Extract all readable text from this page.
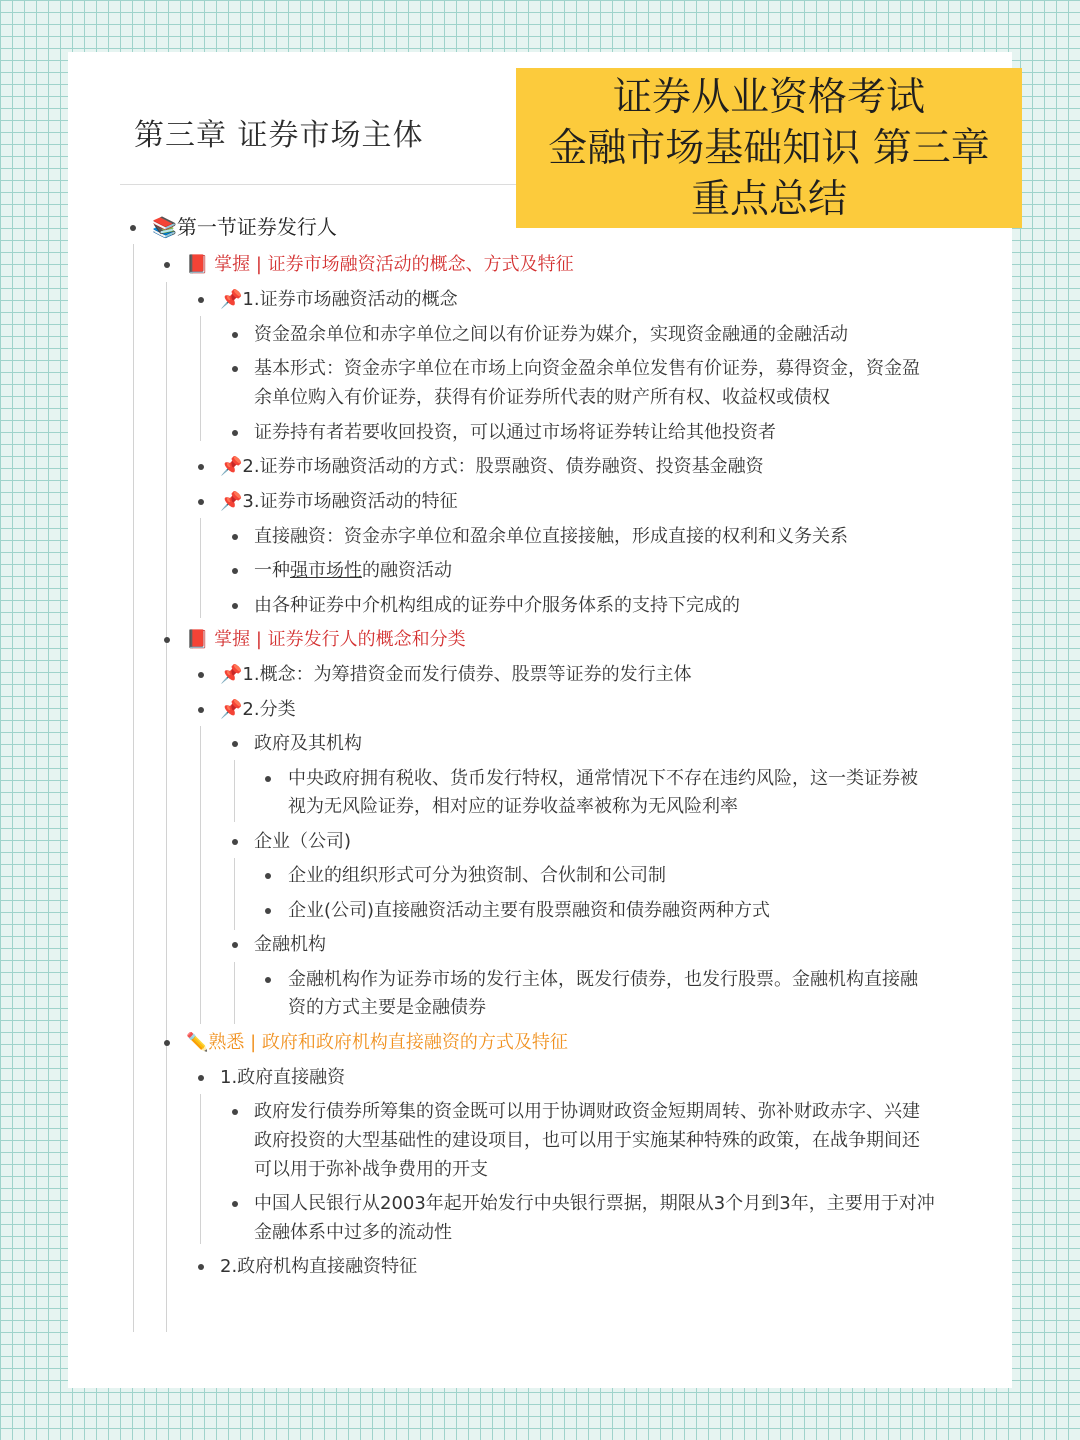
第三章 证券市场主体
证券从业资格考试
金融市场基础知识 第三章
重点总结
📚第一节证券发行人
📕 掌握 | 证券市场融资活动的概念、方式及特征
📌1.证券市场融资活动的概念
资金盈余单位和赤字单位之间以有价证券为媒介，实现资金融通的金融活动
基本形式：资金赤字单位在市场上向资金盈余单位发售有价证券，募得资金，资金盈
余单位购入有价证券，获得有价证券所代表的财产所有权、收益权或债权
证券持有者若要收回投资，可以通过市场将证券转让给其他投资者
📌2.证券市场融资活动的方式：股票融资、债券融资、投资基金融资
📌3.证券市场融资活动的特征
直接融资：资金赤字单位和盈余单位直接接触，形成直接的权利和义务关系
一种强市场性的融资活动
由各种证券中介机构组成的证券中介服务体系的支持下完成的
📕 掌握 | 证券发行人的概念和分类
📌1.概念：为筹措资金而发行债券、股票等证券的发行主体
📌2.分类
政府及其机构
中央政府拥有税收、货币发行特权，通常情况下不存在违约风险，这一类证券被
视为无风险证券，相对应的证券收益率被称为无风险利率
企业（公司)
企业的组织形式可分为独资制、合伙制和公司制
企业(公司)直接融资活动主要有股票融资和债券融资两种方式
金融机构
金融机构作为证券市场的发行主体，既发行债券，也发行股票。金融机构直接融
资的方式主要是金融债券
✏️熟悉 | 政府和政府机构直接融资的方式及特征
1.政府直接融资
政府发行债券所筹集的资金既可以用于协调财政资金短期周转、弥补财政赤字、兴建
政府投资的大型基础性的建设项目，也可以用于实施某种特殊的政策，在战争期间还
可以用于弥补战争费用的开支
中国人民银行从2003年起开始发行中央银行票据，期限从3个月到3年，主要用于对冲
金融体系中过多的流动性
2.政府机构直接融资特征
